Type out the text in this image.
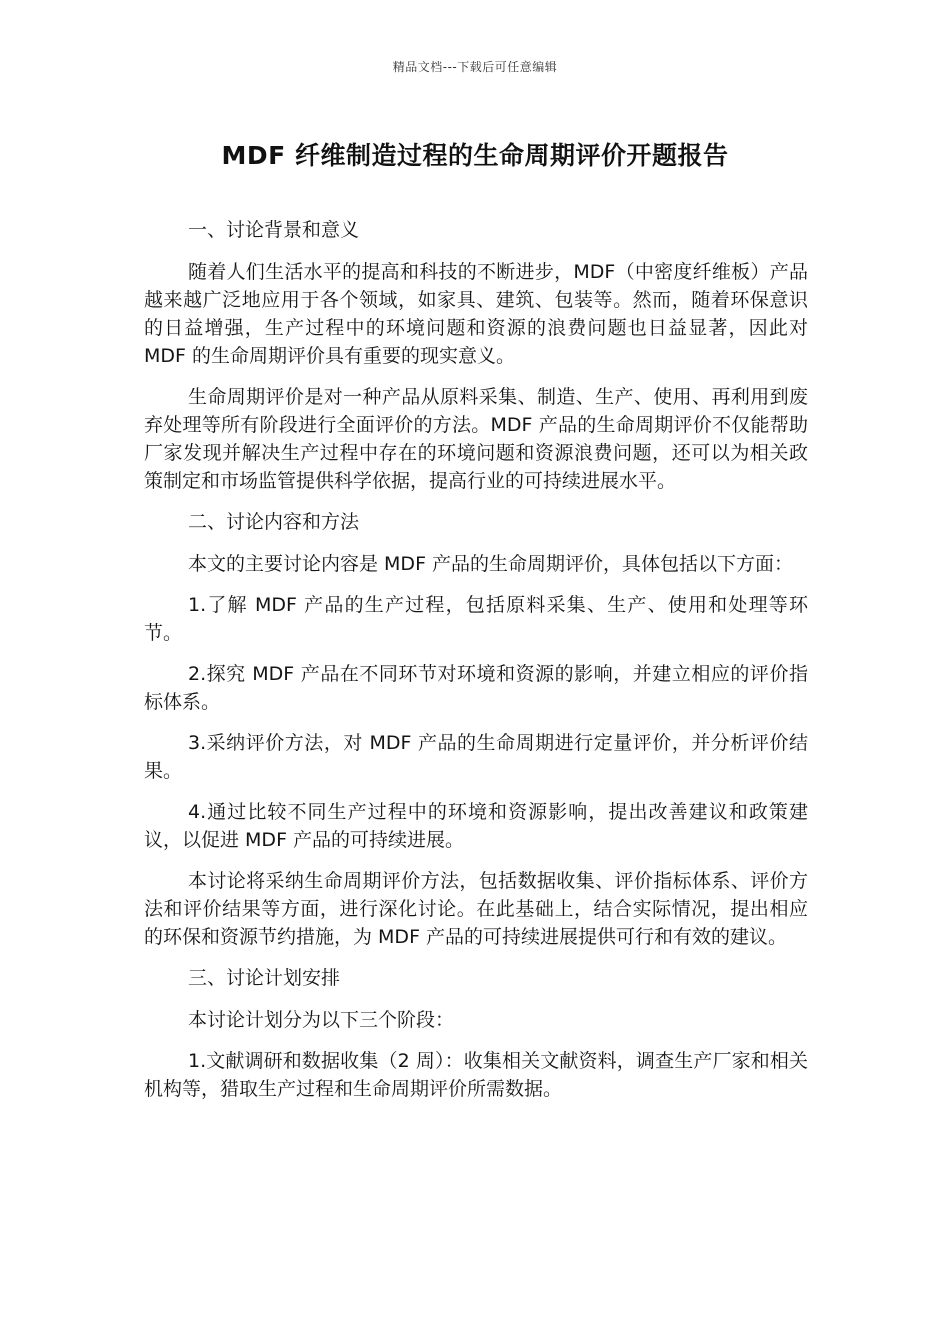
精品文档---下载后可任意编辑
MDF 纤维制造过程的生命周期评价开题报告

一、讨论背景和意义

随着人们生活水平的提高和科技的不断进步，MDF（中密度纤维板）产品越来越广泛地应用于各个领域，如家具、建筑、包装等。然而，随着环保意识的日益增强，生产过程中的环境问题和资源的浪费问题也日益显著，因此对 MDF 的生命周期评价具有重要的现实意义。

生命周期评价是对一种产品从原料采集、制造、生产、使用、再利用到废弃处理等所有阶段进行全面评价的方法。MDF 产品的生命周期评价不仅能帮助厂家发现并解决生产过程中存在的环境问题和资源浪费问题，还可以为相关政策制定和市场监管提供科学依据，提高行业的可持续进展水平。

二、讨论内容和方法

本文的主要讨论内容是 MDF 产品的生命周期评价，具体包括以下方面：

1.了解 MDF 产品的生产过程，包括原料采集、生产、使用和处理等环节。

2.探究 MDF 产品在不同环节对环境和资源的影响，并建立相应的评价指标体系。

3.采纳评价方法，对 MDF 产品的生命周期进行定量评价，并分析评价结果。

4.通过比较不同生产过程中的环境和资源影响，提出改善建议和政策建议，以促进 MDF 产品的可持续进展。

本讨论将采纳生命周期评价方法，包括数据收集、评价指标体系、评价方法和评价结果等方面，进行深化讨论。在此基础上，结合实际情况，提出相应的环保和资源节约措施，为 MDF 产品的可持续进展提供可行和有效的建议。

三、讨论计划安排

本讨论计划分为以下三个阶段：

1.文献调研和数据收集（2 周）：收集相关文献资料，调查生产厂家和相关机构等，猎取生产过程和生命周期评价所需数据。
